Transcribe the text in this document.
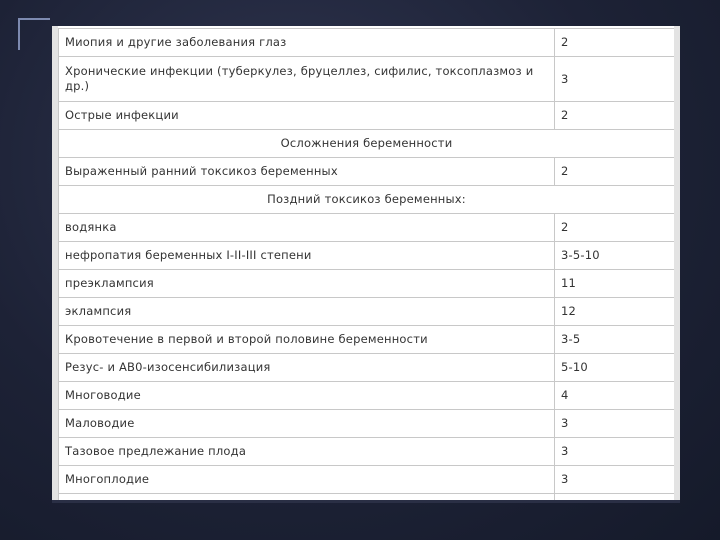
Миопия и другие заболевания глаз	2
Хронические инфекции (туберкулез, бруцеллез, сифилис, токсоплазмоз и др.)	3
Острые инфекции	2
Осложнения беременности	
Выраженный ранний токсикоз беременных	2
Поздний токсикоз беременных:	
водянка	2
нефропатия беременных I-II-III степени	3-5-10
преэклампсия	11
эклампсия	12
Кровотечение в первой и второй половине беременности	3-5
Резус- и АВ0-изосенсибилизация	5-10
Многоводие	4
Маловодие	3
Тазовое предлежание плода	3
Многоплодие	3
